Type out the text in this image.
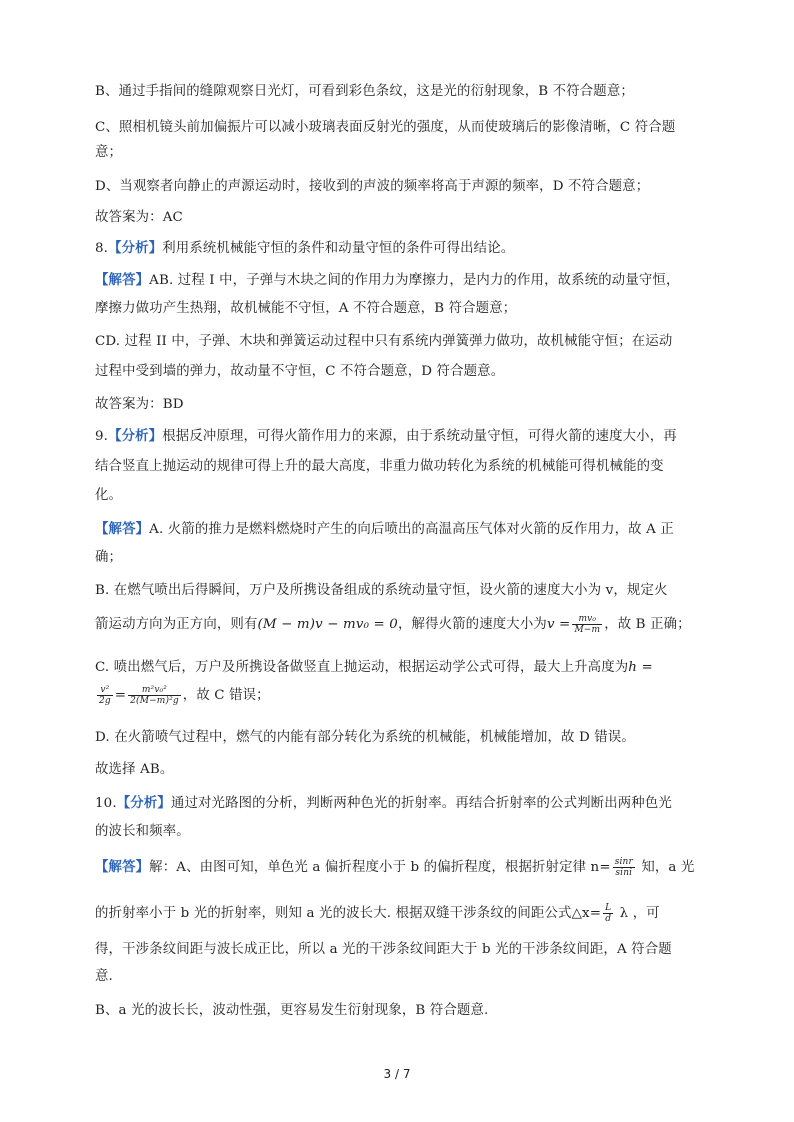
B、通过手指间的缝隙观察日光灯，可看到彩色条纹，这是光的衍射现象，B 不符合题意；
C、照相机镜头前加偏振片可以减小玻璃表面反射光的强度，从而使玻璃后的影像清晰，C 符合题
意；
D、当观察者向静止的声源运动时，接收到的声波的频率将高于声源的频率，D 不符合题意；
故答案为：AC
8.【分析】利用系统机械能守恒的条件和动量守恒的条件可得出结论。
【解答】AB. 过程 I 中，子弹与木块之间的作用力为摩擦力，是内力的作用，故系统的动量守恒，
摩擦力做功产生热翔，故机械能不守恒，A 不符合题意，B 符合题意；
CD. 过程 II 中，子弹、木块和弹簧运动过程中只有系统内弹簧弹力做功，故机械能守恒；在运动
过程中受到墙的弹力，故动量不守恒，C 不符合题意，D 符合题意。
故答案为：BD
9.【分析】根据反冲原理，可得火箭作用力的来源，由于系统动量守恒，可得火箭的速度大小，再
结合竖直上抛运动的规律可得上升的最大高度，非重力做功转化为系统的机械能可得机械能的变
化。
【解答】A. 火箭的推力是燃料燃烧时产生的向后喷出的高温高压气体对火箭的反作用力，故 A 正
确；
B. 在燃气喷出后得瞬间，万户及所携设备组成的系统动量守恒，设火箭的速度大小为 v，规定火
箭运动方向为正方向，则有(M − m)v − mv₀ = 0，解得火箭的速度大小为$v = \frac{\text{mv₀}}{M-m}$ ，故 B 正确；
C. 喷出燃气后，万户及所携设备做竖直上抛运动，根据运动学公式可得，最大上升高度为h =
$\frac{\text{v²}}{2g} = \frac{\text{m²v₀²}}{\text{2(M−m)²g}}$ ，故 C 错误；
D. 在火箭喷气过程中，燃气的内能有部分转化为系统的机械能，机械能增加，故 D 错误。
故选择 AB。
10.【分析】通过对光路图的分析，判断两种色光的折射率。再结合折射率的公式判断出两种色光
的波长和频率。
【解答】解：A、由图可知，单色光 a 偏折程度小于 b 的偏折程度，根据折射定律 $n= \frac{\sin r}{\sin i}$ 知，a 光
的折射率小于 b 光的折射率，则知 a 光的波长大. 根据双缝干涉条纹的间距公式△x= $\frac{L}{d}$ λ ，可
得，干涉条纹间距与波长成正比，所以 a 光的干涉条纹间距大于 b 光的干涉条纹间距，A 符合题
意.
B、a 光的波长长，波动性强，更容易发生衍射现象，B 符合题意.
3 / 7
